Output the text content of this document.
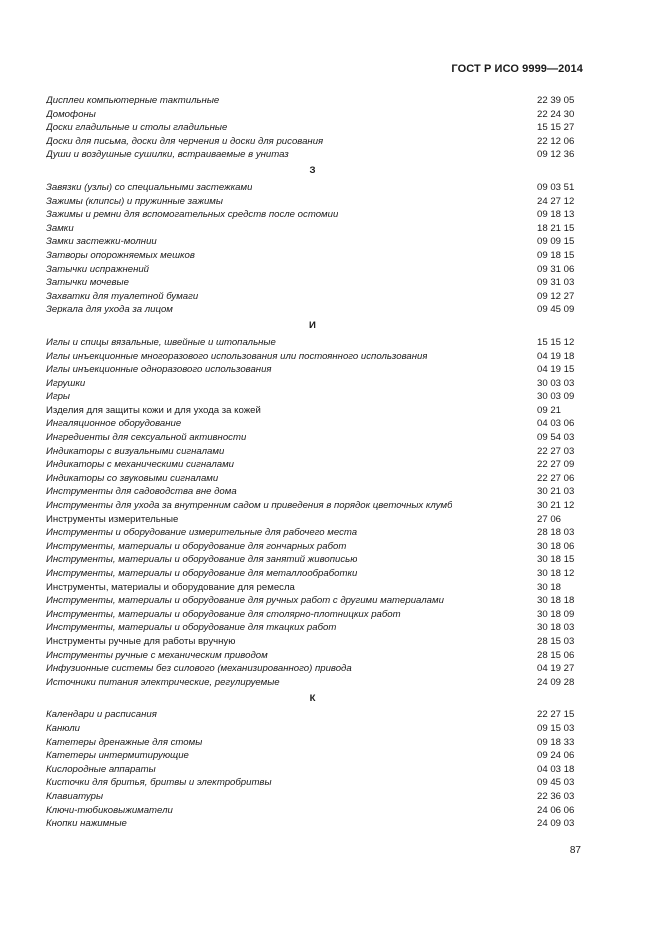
ГОСТ Р ИСО 9999—2014
Дисплеи компьютерные тактильные	22 39 05
Домофоны	22 24 30
Доски гладильные и столы гладильные	15 15 27
Доски для письма, доски для черчения и доски для рисования	22 12 06
Души и воздушные сушилки, встраиваемые в унитаз	09 12 36
З
Завязки (узлы) со специальными застежками	09 03 51
Зажимы (клипсы) и пружинные зажимы	24 27 12
Зажимы и ремни для вспомогательных средств после остомии	09 18 13
Замки	18 21 15
Замки застежки-молнии	09 09 15
Затворы опорожняемых мешков	09 18 15
Затычки испражнений	09 31 06
Затычки мочевые	09 31 03
Захватки для туалетной бумаги	09 12 27
Зеркала для ухода за лицом	09 45 09
И
Иглы и спицы вязальные, швейные и штопальные	15 15 12
Иглы инъекционные многоразового использования или постоянного использования	04 19 18
Иглы инъекционные одноразового использования	04 19 15
Игрушки	30 03 03
Игры	30 03 09
Изделия для защиты кожи и для ухода за кожей	09 21
Ингаляционное оборудование	04 03 06
Ингредиенты для сексуальной активности	09 54 03
Индикаторы с визуальными сигналами	22 27 03
Индикаторы с механическими сигналами	22 27 09
Индикаторы со звуковыми сигналами	22 27 06
Инструменты для садоводства вне дома	30 21 03
Инструменты для ухода за внутренним садом и приведения в порядок цветочных клумб	30 21 12
Инструменты измерительные	27 06
Инструменты и оборудование измерительные для рабочего места	28 18 03
Инструменты, материалы и оборудование для гончарных работ	30 18 06
Инструменты, материалы и оборудование для занятий живописью	30 18 15
Инструменты, материалы и оборудование для металлообработки	30 18 12
Инструменты, материалы и оборудование для ремесла	30 18
Инструменты, материалы и оборудование для ручных работ с другими материалами	30 18 18
Инструменты, материалы и оборудование для столярно-плотницких работ	30 18 09
Инструменты, материалы и оборудование для ткацких работ	30 18 03
Инструменты ручные для работы вручную	28 15 03
Инструменты ручные с механическим приводом	28 15 06
Инфузионные системы без силового (механизированного) привода	04 19 27
Источники питания электрические, регулируемые	24 09 28
К
Календари и расписания	22 27 15
Канюли	09 15 03
Катетеры дренажные для стомы	09 18 33
Катетеры интермитирующие	09 24 06
Кислородные аппараты	04 03 18
Кисточки для бритья, бритвы и электробритвы	09 45 03
Клавиатуры	22 36 03
Ключи-тюбиковыжиматели	24 06 06
Кнопки нажимные	24 09 03
87
